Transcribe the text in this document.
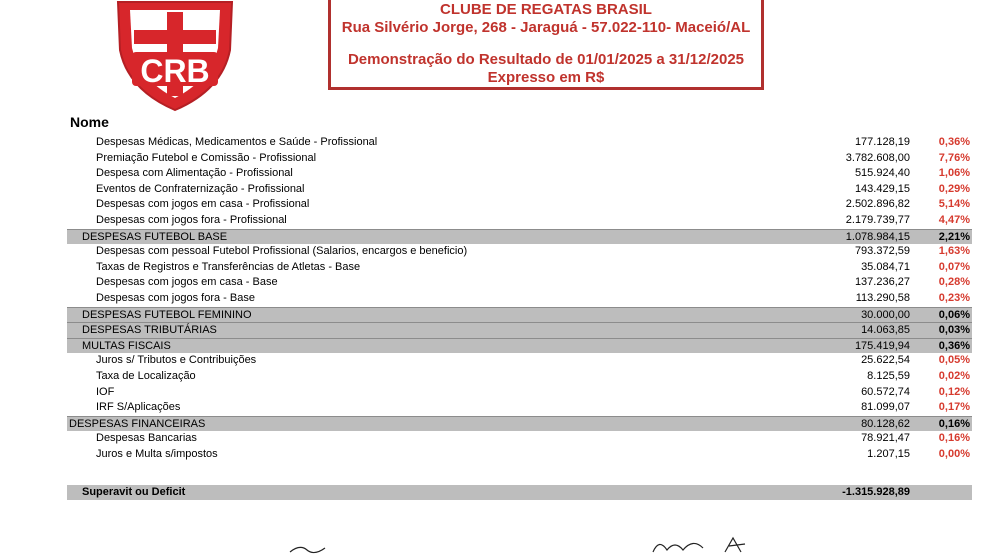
CRB
CLUBE DE REGATAS BRASIL
Rua Silvério Jorge, 268 - Jaraguá - 57.022-110- Maceió/AL
Demonstração do Resultado de 01/01/2025 a 31/12/2025
Expresso em R$
Nome
Despesas Médicas, Medicamentos e Saúde - Profissional	177.128,19	0,36%
Premiação Futebol e Comissão - Profissional	3.782.608,00	7,76%
Despesa com Alimentação - Profissional	515.924,40	1,06%
Eventos de Confraternização - Profissional	143.429,15	0,29%
Despesas com jogos em casa - Profissional	2.502.896,82	5,14%
Despesas com jogos fora - Profissional	2.179.739,77	4,47%
DESPESAS FUTEBOL BASE	1.078.984,15	2,21%
Despesas com pessoal Futebol Profissional (Salarios, encargos e beneficio)	793.372,59	1,63%
Taxas de Registros e Transferências de Atletas - Base	35.084,71	0,07%
Despesas com jogos em casa - Base	137.236,27	0,28%
Despesas com jogos fora - Base	113.290,58	0,23%
DESPESAS FUTEBOL FEMININO	30.000,00	0,06%
DESPESAS TRIBUTÁRIAS	14.063,85	0,03%
MULTAS FISCAIS	175.419,94	0,36%
Juros s/ Tributos e Contribuições	25.622,54	0,05%
Taxa de Localização	8.125,59	0,02%
IOF	60.572,74	0,12%
IRF S/Aplicações	81.099,07	0,17%
DESPESAS FINANCEIRAS	80.128,62	0,16%
Despesas Bancarias	78.921,47	0,16%
Juros e Multa s/impostos	1.207,15	0,00%
Superavit ou Deficit	-1.315.928,89
